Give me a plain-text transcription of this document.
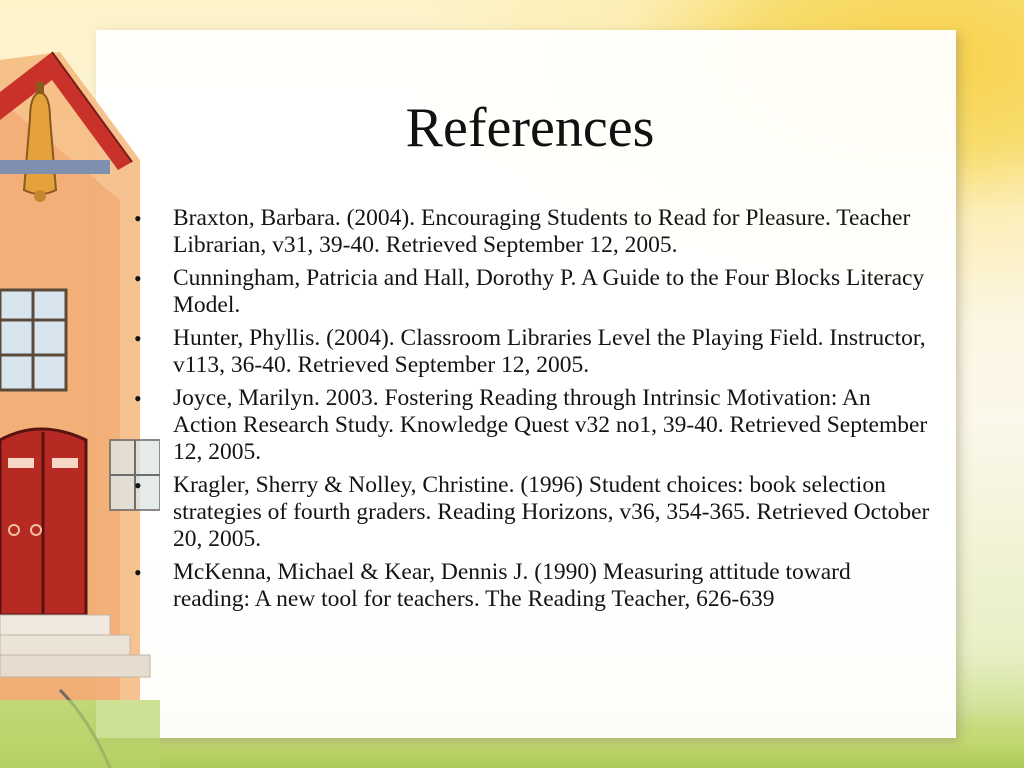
References
• Braxton, Barbara. (2004). Encouraging Students to Read for Pleasure. Teacher Librarian, v31, 39-40. Retrieved September 12, 2005.
• Cunningham, Patricia and Hall, Dorothy P. A Guide to the Four Blocks Literacy Model.
• Hunter, Phyllis. (2004). Classroom Libraries Level the Playing Field. Instructor, v113, 36-40. Retrieved September 12, 2005.
• Joyce, Marilyn. 2003. Fostering Reading through Intrinsic Motivation: An Action Research Study. Knowledge Quest v32 no1, 39-40. Retrieved September 12, 2005.
• Kragler, Sherry & Nolley, Christine. (1996) Student choices: book selection strategies of fourth graders. Reading Horizons, v36, 354-365. Retrieved October 20, 2005.
• McKenna, Michael & Kear, Dennis J. (1990) Measuring attitude toward reading: A new tool for teachers. The Reading Teacher, 626-639
